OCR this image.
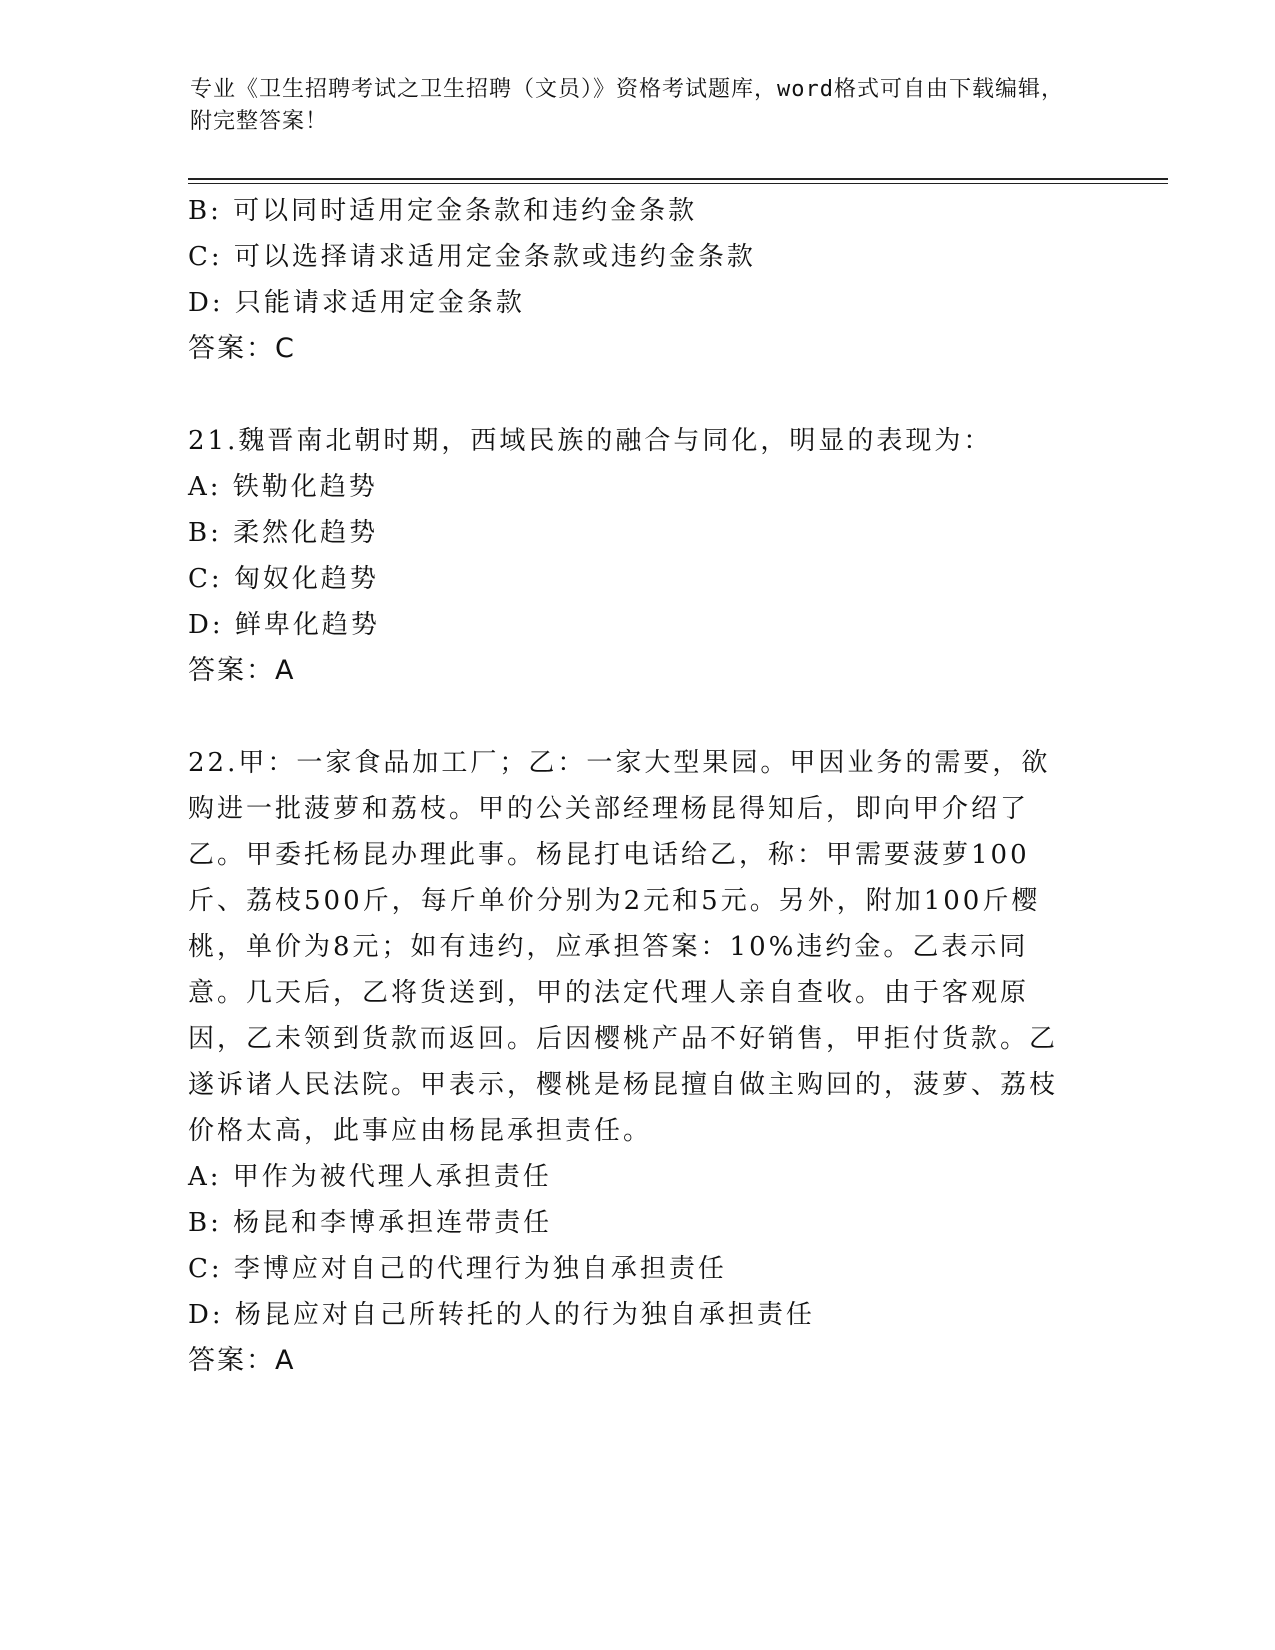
专业《卫生招聘考试之卫生招聘（文员）》资格考试题库，word格式可自由下载编辑，附完整答案！
B: 可以同时适用定金条款和违约金条款
C: 可以选择请求适用定金条款或违约金条款
D: 只能请求适用定金条款
答案：C
21.魏晋南北朝时期，西域民族的融合与同化，明显的表现为：
A: 铁勒化趋势
B: 柔然化趋势
C: 匈奴化趋势
D: 鲜卑化趋势
答案：A
22.甲：一家食品加工厂；乙：一家大型果园。甲因业务的需要，欲购进一批菠萝和荔枝。甲的公关部经理杨昆得知后，即向甲介绍了乙。甲委托杨昆办理此事。杨昆打电话给乙，称：甲需要菠萝100斤、荔枝500斤，每斤单价分别为2元和5元。另外，附加100斤樱桃，单价为8元；如有违约，应承担答案：10%违约金。乙表示同意。几天后，乙将货送到，甲的法定代理人亲自查收。由于客观原因，乙未领到货款而返回。后因樱桃产品不好销售，甲拒付货款。乙遂诉诸人民法院。甲表示，樱桃是杨昆擅自做主购回的，菠萝、荔枝价格太高，此事应由杨昆承担责任。
A: 甲作为被代理人承担责任
B: 杨昆和李博承担连带责任
C: 李博应对自己的代理行为独自承担责任
D: 杨昆应对自己所转托的人的行为独自承担责任
答案：A
